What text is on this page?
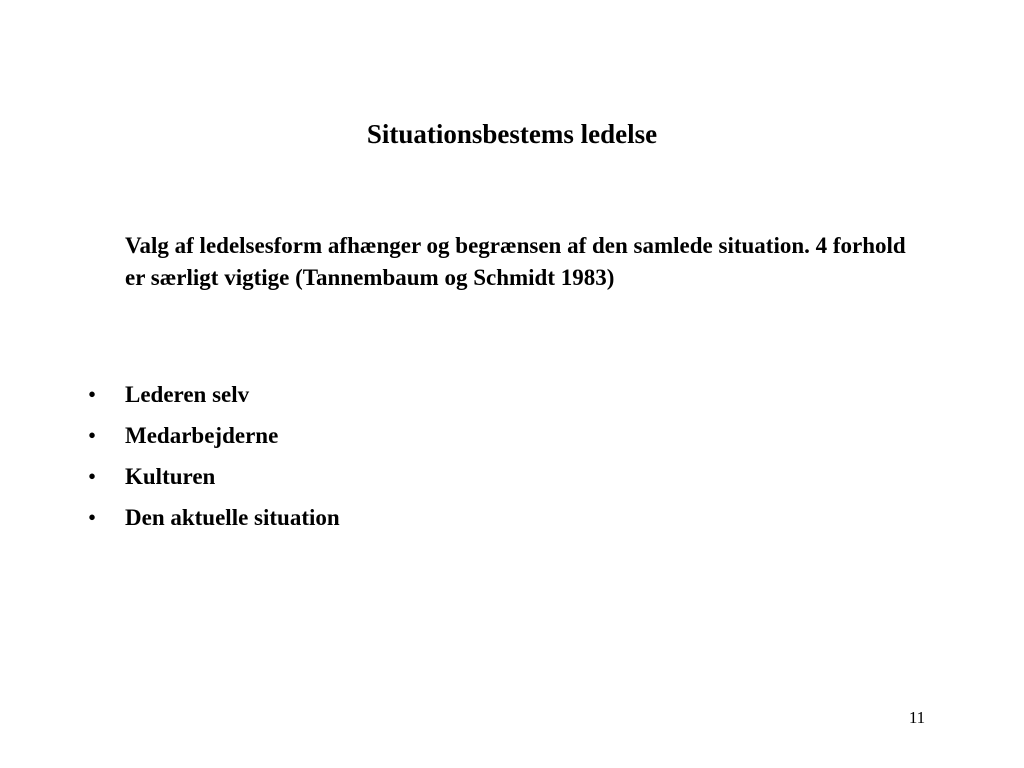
Situationsbestems ledelse

Valg af ledelsesform afhænger og begrænsen af den samlede situation. 4 forhold er særligt vigtige (Tannembaum og Schmidt 1983)

• Lederen selv
• Medarbejderne
• Kulturen
• Den aktuelle situation
11
